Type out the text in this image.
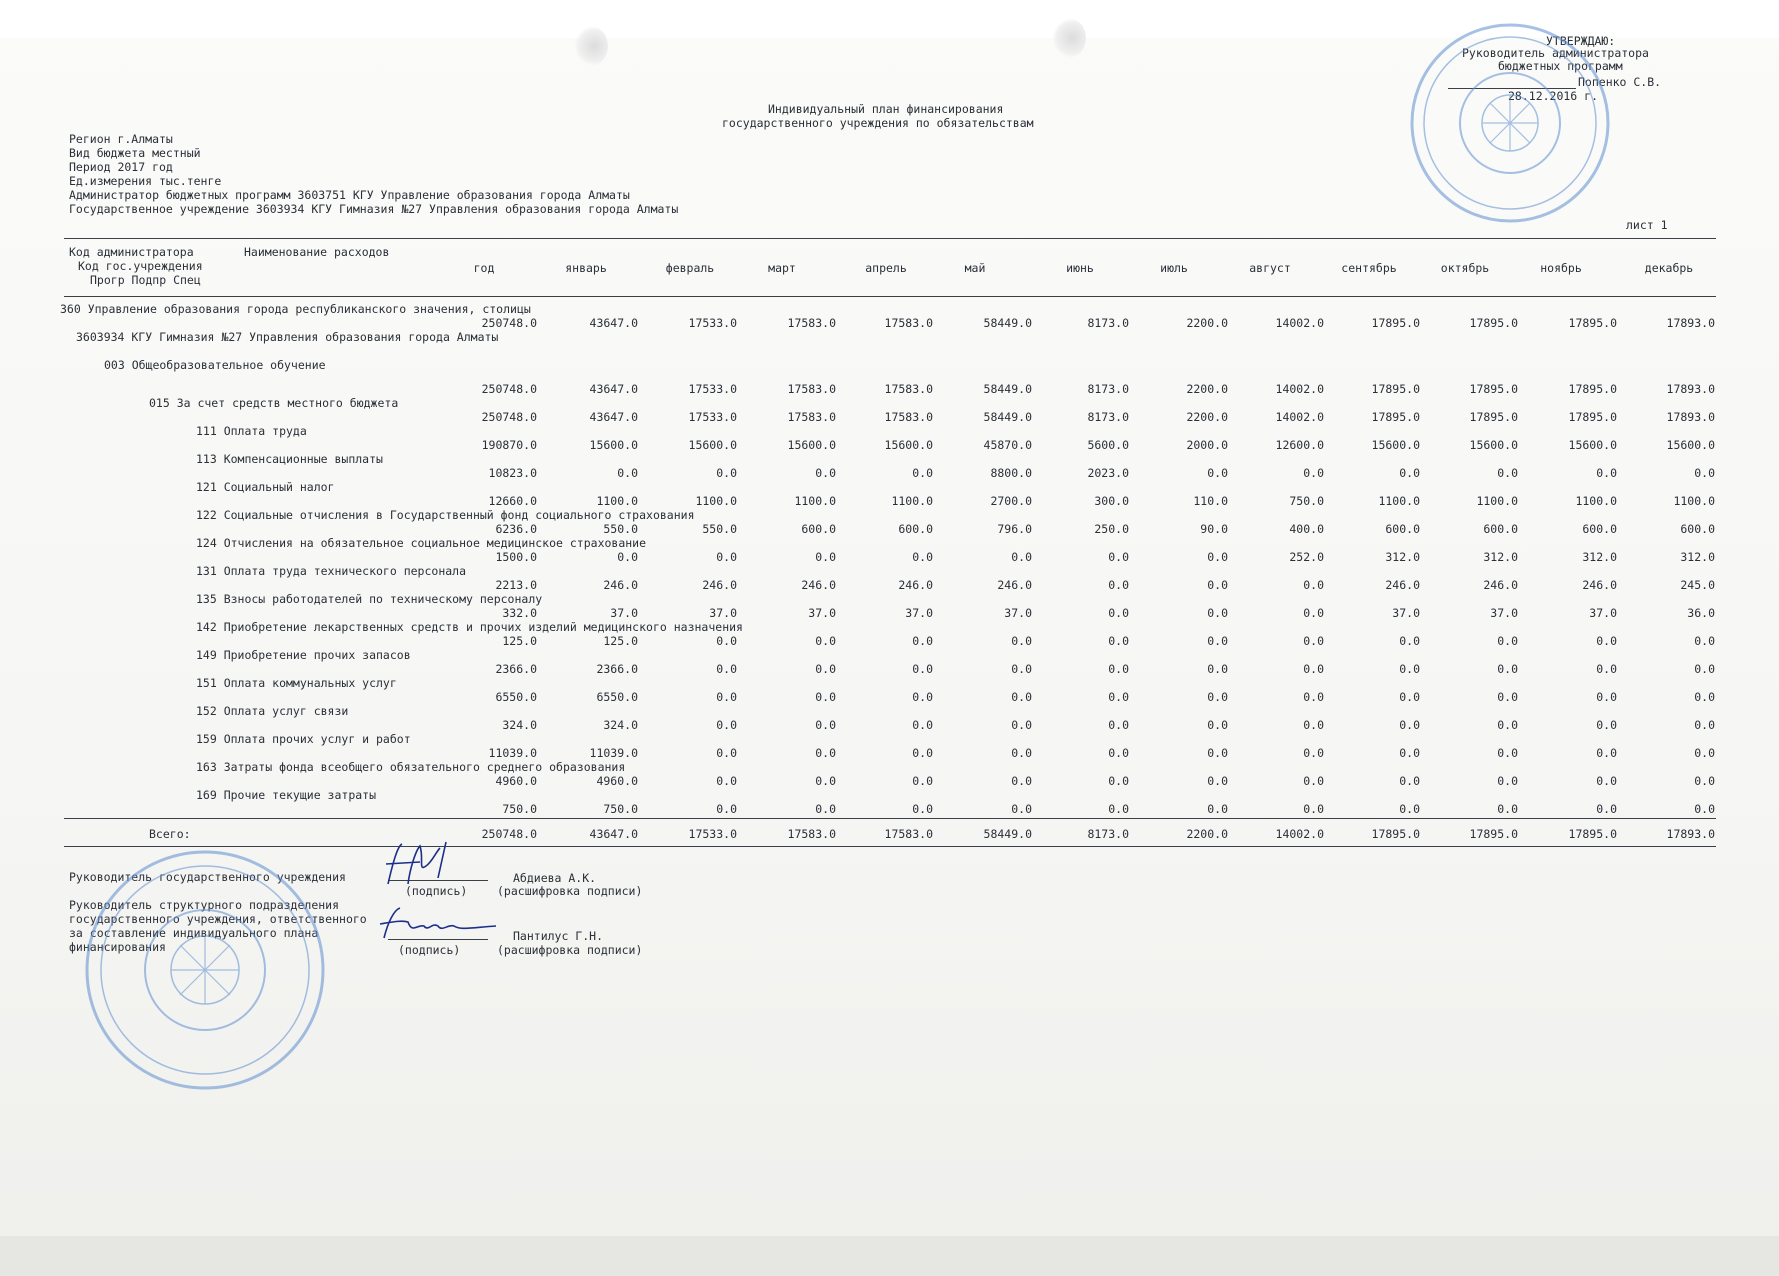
Индивидуальный план финансирования
государственного учреждения по обязательствам
УТВЕРЖДАЮ:
Руководитель администратора
бюджетных программ
Попенко С.В.
28.12.2016 г.
Регион г.Алматы
Вид бюджета местный
Период 2017 год
Ед.измерения тыс.тенге
Администратор бюджетных программ 3603751 КГУ Управление образования города Алматы
Государственное учреждение 3603934 КГУ Гимназия №27 Управления образования города Алматы
лист 1
Код администратора	Наименование расходов
Код гос.учреждения
Прогр Подпр Спец
год	январь	февраль	март	апрель	май	июнь	июль	август	сентябрь	октябрь	ноябрь	декабрь
360 Управление образования города республиканского значения, столицы
250748.0	43647.0	17533.0	17583.0	17583.0	58449.0	8173.0	2200.0	14002.0	17895.0	17895.0	17895.0	17893.0
3603934 КГУ Гимназия №27 Управления образования города Алматы
003 Общеобразовательное обучение
250748.0	43647.0	17533.0	17583.0	17583.0	58449.0	8173.0	2200.0	14002.0	17895.0	17895.0	17895.0	17893.0
015 За счет средств местного бюджета
250748.0	43647.0	17533.0	17583.0	17583.0	58449.0	8173.0	2200.0	14002.0	17895.0	17895.0	17895.0	17893.0
111 Оплата труда
190870.0	15600.0	15600.0	15600.0	15600.0	45870.0	5600.0	2000.0	12600.0	15600.0	15600.0	15600.0	15600.0
113 Компенсационные выплаты
10823.0	0.0	0.0	0.0	0.0	8800.0	2023.0	0.0	0.0	0.0	0.0	0.0	0.0
121 Социальный налог
12660.0	1100.0	1100.0	1100.0	1100.0	2700.0	300.0	110.0	750.0	1100.0	1100.0	1100.0	1100.0
122 Социальные отчисления в Государственный фонд социального страхования
6236.0	550.0	550.0	600.0	600.0	796.0	250.0	90.0	400.0	600.0	600.0	600.0	600.0
124 Отчисления на обязательное социальное медицинское страхование
1500.0	0.0	0.0	0.0	0.0	0.0	0.0	0.0	252.0	312.0	312.0	312.0	312.0
131 Оплата труда технического персонала
2213.0	246.0	246.0	246.0	246.0	246.0	0.0	0.0	0.0	246.0	246.0	246.0	245.0
135 Взносы работодателей по техническому персоналу
332.0	37.0	37.0	37.0	37.0	37.0	0.0	0.0	0.0	37.0	37.0	37.0	36.0
142 Приобретение лекарственных средств и прочих изделий медицинского назначения
125.0	125.0	0.0	0.0	0.0	0.0	0.0	0.0	0.0	0.0	0.0	0.0	0.0
149 Приобретение прочих запасов
2366.0	2366.0	0.0	0.0	0.0	0.0	0.0	0.0	0.0	0.0	0.0	0.0	0.0
151 Оплата коммунальных услуг
6550.0	6550.0	0.0	0.0	0.0	0.0	0.0	0.0	0.0	0.0	0.0	0.0	0.0
152 Оплата услуг связи
324.0	324.0	0.0	0.0	0.0	0.0	0.0	0.0	0.0	0.0	0.0	0.0	0.0
159 Оплата прочих услуг и работ
11039.0	11039.0	0.0	0.0	0.0	0.0	0.0	0.0	0.0	0.0	0.0	0.0	0.0
163 Затраты фонда всеобщего обязательного среднего образования
4960.0	4960.0	0.0	0.0	0.0	0.0	0.0	0.0	0.0	0.0	0.0	0.0	0.0
169 Прочие текущие затраты
750.0	750.0	0.0	0.0	0.0	0.0	0.0	0.0	0.0	0.0	0.0	0.0	0.0
Всего:	250748.0	43647.0	17533.0	17583.0	17583.0	58449.0	8173.0	2200.0	14002.0	17895.0	17895.0	17895.0	17893.0
Руководитель государственного учреждения	Абдиева А.К.
(подпись)	(расшифровка подписи)
Руководитель структурного подразделения
государственного учреждения, ответственного
за составление индивидуального плана
финансирования
Пантилус Г.Н.
(подпись)	(расшифровка подписи)
